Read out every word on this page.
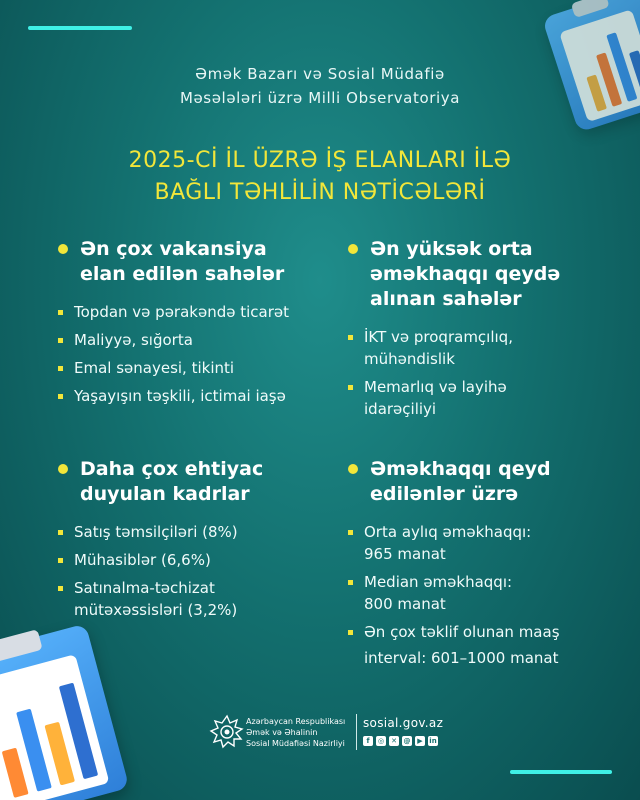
Əmək Bazarı və Sosial Müdafiə
Məsələləri üzrə Milli Observatoriya
2025-Cİ İL ÜZRƏ İŞ ELANLARI İLƏ
BAĞLI TƏHLİLİN NƏTİCƏLƏRİ
Ən çox vakansiya
elan edilən sahələr
Topdan və pərakəndə ticarət
Maliyyə, sığorta
Emal sənayesi, tikinti
Yaşayışın təşkili, ictimai iaşə
Ən yüksək orta
əməkhaqqı qeydə
alınan sahələr
İKT və proqramçılıq,
mühəndislik
Memarlıq və layihə
idarəçiliyi
Daha çox ehtiyac
duyulan kadrlar
Satış təmsilçiləri (8%)
Mühasiblər (6,6%)
Satınalma-təchizat
mütəxəssisləri (3,2%)
Əməkhaqqı qeyd
edilənlər üzrə
Orta aylıq əməkhaqqı:
965 manat
Median əməkhaqqı:
800 manat
Ən çox təklif olunan maaş
interval: 601–1000 manat
Azərbaycan Respublikası
Əmək və Əhalinin
Sosial Müdafiəsi Nazirliyi
sosial.gov.az
f	◎ ✕ @ ▶ in
